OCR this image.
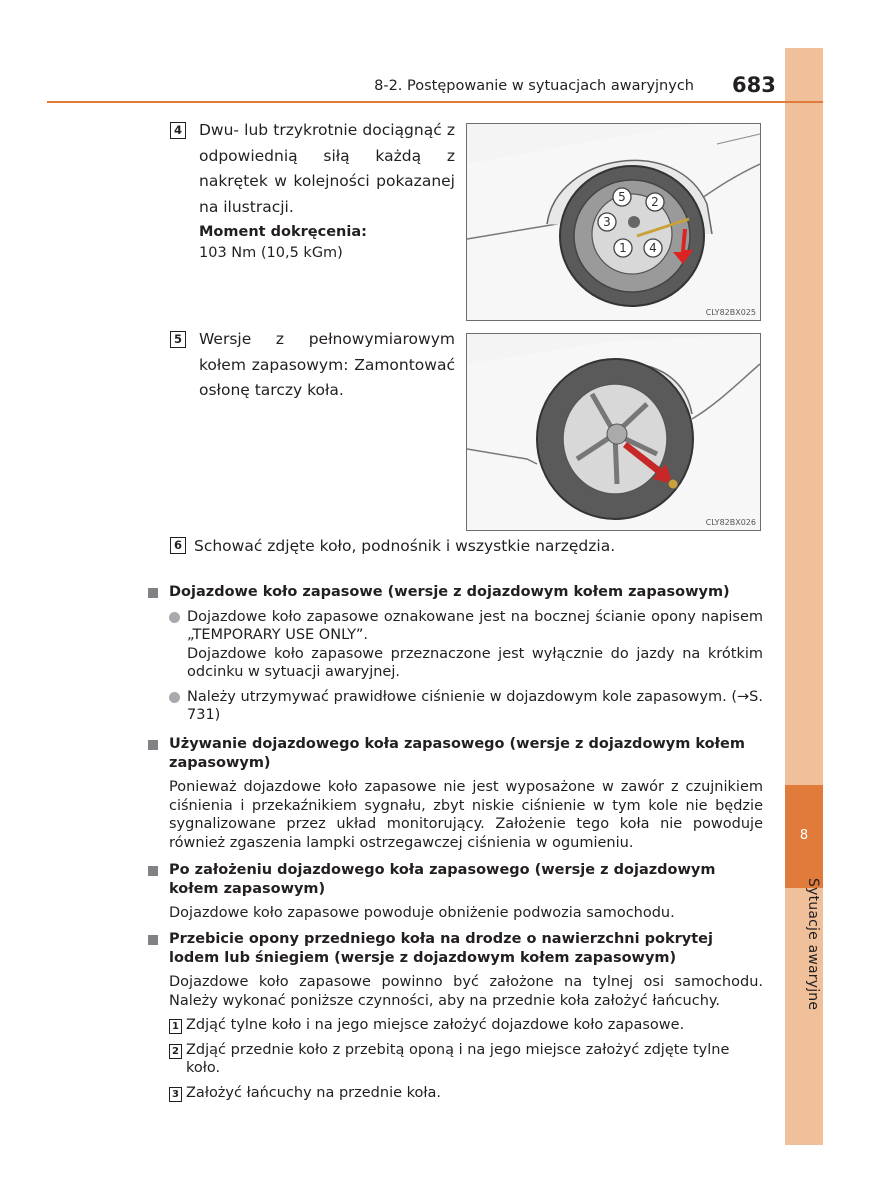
8
Sytuacje awaryjne
8-2. Postępowanie w sytuacjach awaryjnych 683
4 Dwu- lub trzykrotnie dociągnąć z odpowiednią siłą każdą z nakrętek w kolejności pokazanej na ilustracji.
Moment dokręcenia:
103 Nm (10,5 kGm)
5 2
3
1 4
CLY82BX025
5 Wersje z pełnowymiarowym kołem zapasowym: Zamontować osłonę tarczy koła.
CLY82BX026
6 Schować zdjęte koło, podnośnik i wszystkie narzędzia.
Dojazdowe koło zapasowe (wersje z dojazdowym kołem zapasowym)
Dojazdowe koło zapasowe oznakowane jest na bocznej ścianie opony napisem „TEMPORARY USE ONLY”.
Dojazdowe koło zapasowe przeznaczone jest wyłącznie do jazdy na krótkim odcinku w sytuacji awaryjnej.
Należy utrzymywać prawidłowe ciśnienie w dojazdowym kole zapasowym. (→S. 731)
Używanie dojazdowego koła zapasowego (wersje z dojazdowym kołem zapasowym)
Ponieważ dojazdowe koło zapasowe nie jest wyposażone w zawór z czujnikiem ciśnienia i przekaźnikiem sygnału, zbyt niskie ciśnienie w tym kole nie będzie sygnalizowane przez układ monitorujący. Założenie tego koła nie powoduje również zgaszenia lampki ostrzegawczej ciśnienia w ogumieniu.
Po założeniu dojazdowego koła zapasowego (wersje z dojazdowym kołem zapasowym)
Dojazdowe koło zapasowe powoduje obniżenie podwozia samochodu.
Przebicie opony przedniego koła na drodze o nawierzchni pokrytej lodem lub śniegiem (wersje z dojazdowym kołem zapasowym)
Dojazdowe koło zapasowe powinno być założone na tylnej osi samochodu. Należy wykonać poniższe czynności, aby na przednie koła założyć łańcuchy.
1 Zdjąć tylne koło i na jego miejsce założyć dojazdowe koło zapasowe.
2 Zdjąć przednie koło z przebitą oponą i na jego miejsce założyć zdjęte tylne koło.
3 Założyć łańcuchy na przednie koła.
